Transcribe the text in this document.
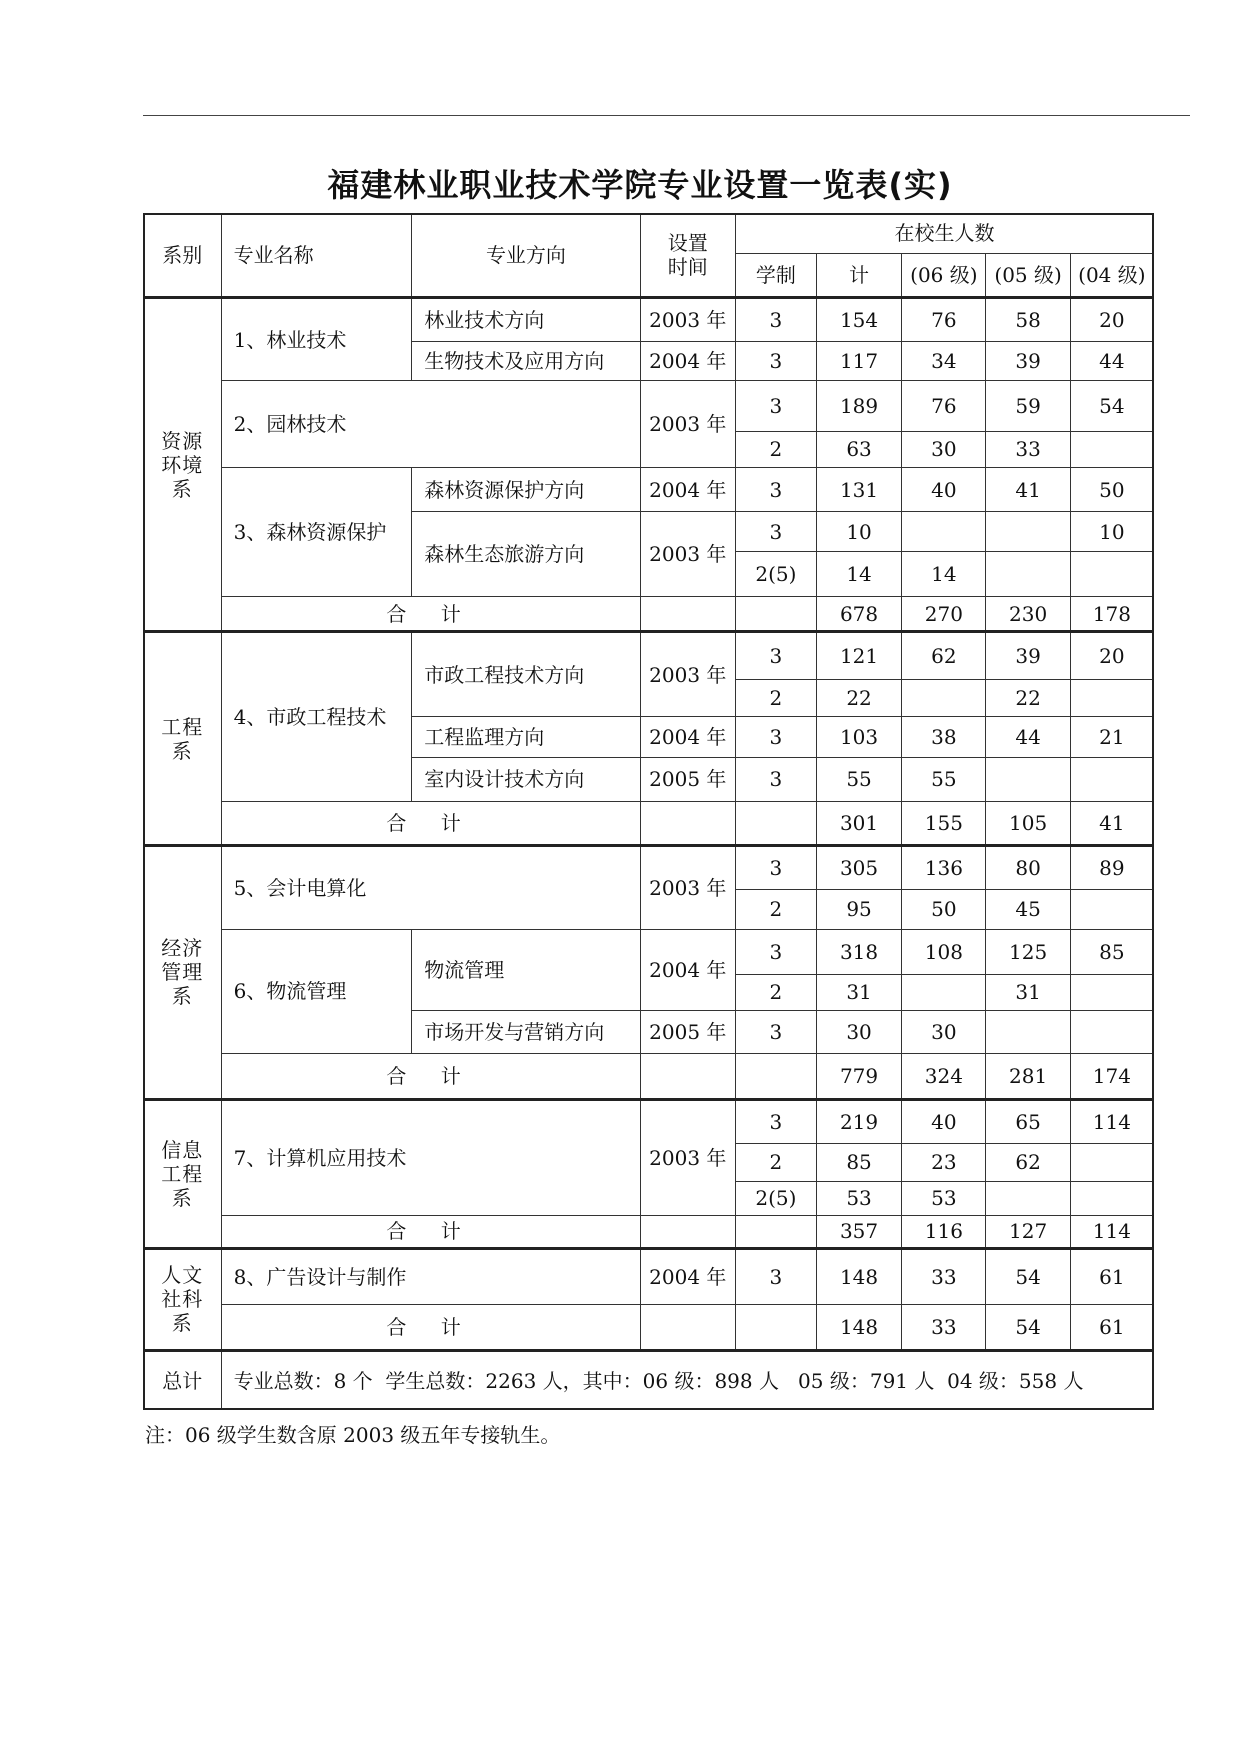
福建林业职业技术学院专业设置一览表(实)
系别	专业名称	专业方向	设置
时间	在校生人数				
				学制	计	(06 级)	(05 级)	(04 级)
资源
环境
系	1、林业技术	林业技术方向	2003 年	3	154	76	58	20
		生物技术及应用方向	2004 年	3	117	34	39	44
	2、园林技术		2003 年	3	189	76	59	54
				2	63	30	33	
	3、森林资源保护	森林资源保护方向	2004 年	3	131	40	41	50
		森林生态旅游方向	2003 年	3	10			10
				2(5)	14	14		
	合 计				678	270	230	178
工程
系	4、市政工程技术	市政工程技术方向	2003 年	3	121	62	39	20
				2	22		22	
		工程监理方向	2004 年	3	103	38	44	21
		室内设计技术方向	2005 年	3	55	55		
	合 计				301	155	105	41
经济
管理
系	5、会计电算化		2003 年	3	305	136	80	89
				2	95	50	45	
	6、物流管理	物流管理	2004 年	3	318	108	125	85
				2	31		31	
		市场开发与营销方向	2005 年	3	30	30		
	合 计				779	324	281	174
信息
工程
系	7、计算机应用技术		2003 年	3	219	40	65	114
				2	85	23	62	
				2(5)	53	53		
	合 计				357	116	127	114
人文
社科
系	8、广告设计与制作		2004 年	3	148	33	54	61
	合 计				148	33	54	61
总计	专业总数：8 个  学生总数：2263 人，其中：06 级：898 人   05 级：791 人  04 级：558 人							
注：06 级学生数含原 2003 级五年专接轨生。
